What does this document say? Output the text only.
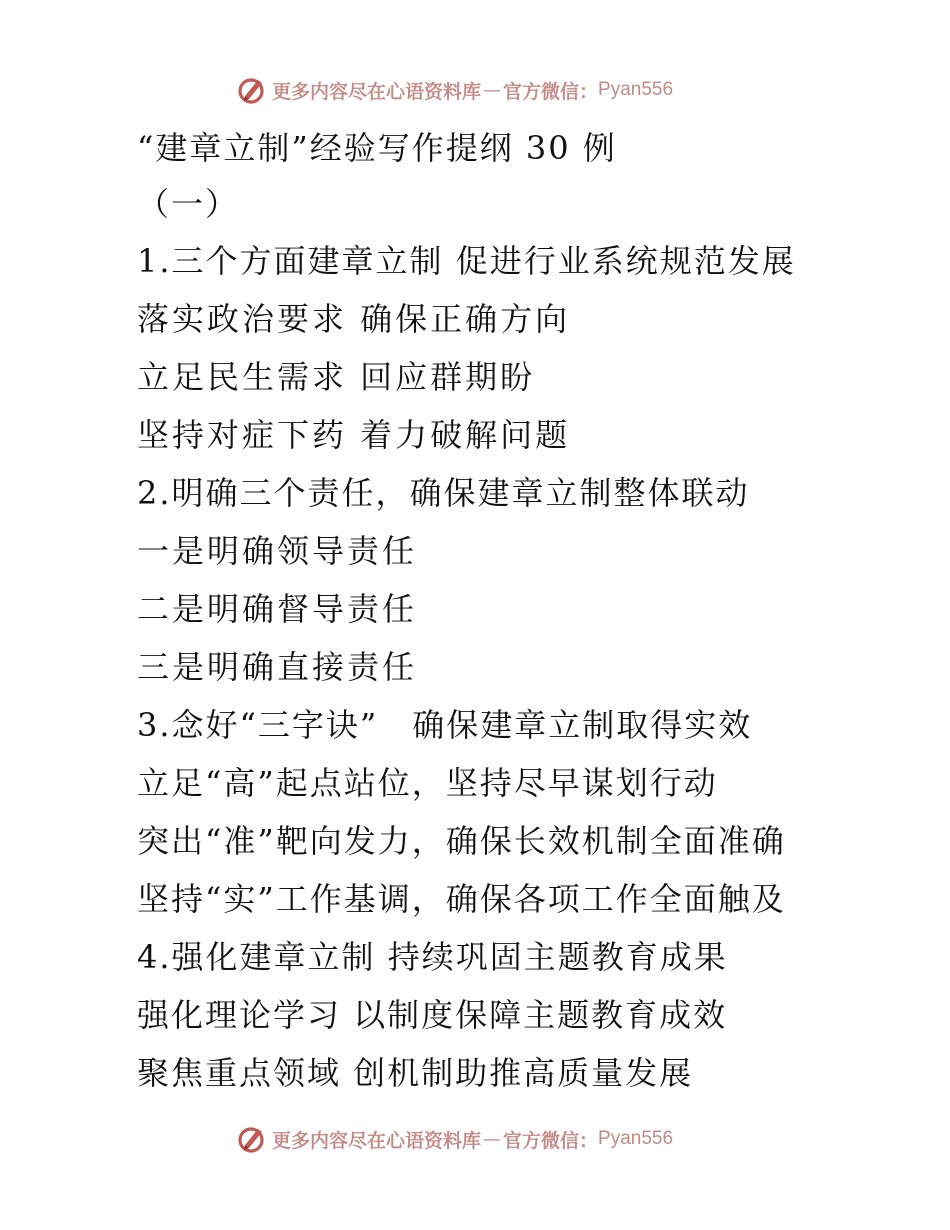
更多内容尽在心语资料库 — 官方微信： Pyan556
“建章立制”经验写作提纲 30 例
（一）
1.三个方面建章立制 促进行业系统规范发展
落实政治要求 确保正确方向
立足民生需求 回应群期盼
坚持对症下药 着力破解问题
2.明确三个责任，确保建章立制整体联动
一是明确领导责任
二是明确督导责任
三是明确直接责任
3.念好“三字诀”　确保建章立制取得实效
立足“高”起点站位，坚持尽早谋划行动
突出“准”靶向发力，确保长效机制全面准确
坚持“实”工作基调，确保各项工作全面触及
4.强化建章立制 持续巩固主题教育成果
强化理论学习 以制度保障主题教育成效
聚焦重点领域 创机制助推高质量发展
更多内容尽在心语资料库 — 官方微信： Pyan556
